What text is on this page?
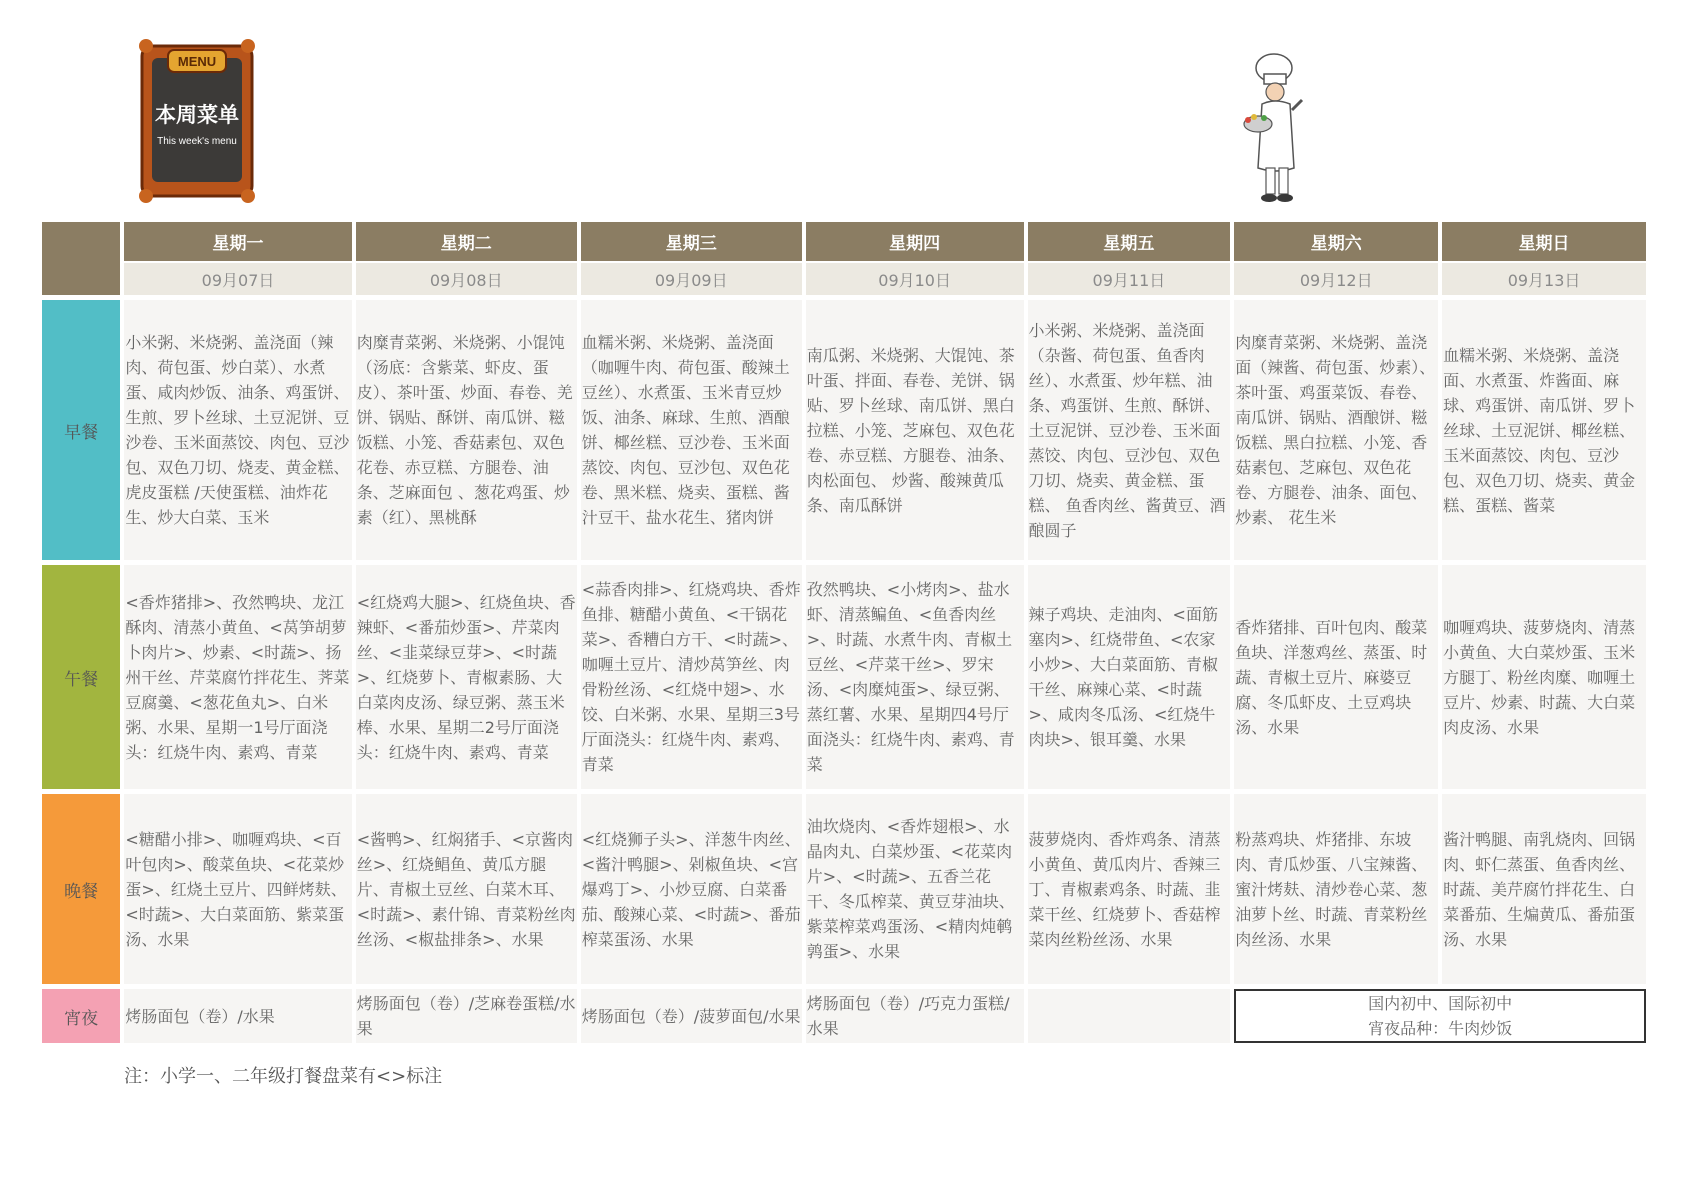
MENU
本周菜单
This week's menu
	星期一	星期二	星期三	星期四	星期五	星期六	星期日
	09月07日	09月08日	09月09日	09月10日	09月11日	09月12日	09月13日

早餐	小米粥、米烧粥、盖浇面（辣肉、荷包蛋、炒白菜）、水煮蛋、咸肉炒饭、油条、鸡蛋饼、生煎、罗卜丝球、土豆泥饼、豆沙卷、玉米面蒸饺、肉包、豆沙包、双色刀切、烧麦、黄金糕、虎皮蛋糕 /天使蛋糕、油炸花生、炒大白菜、玉米	肉糜青菜粥、米烧粥、小馄饨（汤底：含紫菜、虾皮、蛋皮）、茶叶蛋、炒面、春卷、羌 饼、锅贴、酥饼、南瓜饼、糍饭糕、小笼、香菇素包、双色花卷、赤豆糕、方腿卷、油条、芝麻面包 、葱花鸡蛋、炒素（红）、黑桃酥	血糯米粥、米烧粥、盖浇面（咖喱牛肉、荷包蛋、酸辣土豆丝）、水煮蛋、玉米青豆炒饭、油条、麻球、生煎、酒酿饼、椰丝糕、豆沙卷、玉米面蒸饺、肉包、豆沙包、双色花卷、黑米糕、烧卖、蛋糕、酱汁豆干、盐水花生、猪肉饼	南瓜粥、米烧粥、大馄饨、茶叶蛋、拌面、春卷、羌饼、锅贴、罗卜丝球、南瓜饼、黑白拉糕、小笼、芝麻包、双色花卷、赤豆糕、方腿卷、油条、肉松面包、 炒酱、酸辣黄瓜条、南瓜酥饼	小米粥、米烧粥、盖浇面（杂酱、荷包蛋、鱼香肉丝）、水煮蛋、炒年糕、油条、鸡蛋饼、生煎、酥饼、土豆泥饼、豆沙卷、玉米面蒸饺、肉包、豆沙包、双色刀切、烧卖、黄金糕、蛋糕、 鱼香肉丝、酱黄豆、酒酿圆子	肉糜青菜粥、米烧粥、盖浇面（辣酱、荷包蛋、炒素）、茶叶蛋、鸡蛋菜饭、春卷、南瓜饼、锅贴、酒酿饼、糍饭糕、黑白拉糕、小笼、香菇素包、芝麻包、双色花卷、方腿卷、油条、面包、炒素、 花生米	血糯米粥、米烧粥、盖浇面、水煮蛋、炸酱面、麻球、鸡蛋饼、南瓜饼、罗卜丝球、土豆泥饼、椰丝糕、玉米面蒸饺、肉包、豆沙包、双色刀切、烧卖、黄金糕、蛋糕、酱菜

午餐	<香炸猪排>、孜然鸭块、龙江酥肉、清蒸小黄鱼、<莴笋胡萝卜肉片>、炒素、<时蔬>、扬州干丝、芹菜腐竹拌花生、荠菜豆腐羹、<葱花鱼丸>、白米粥、水果、星期一1号厅面浇头：红烧牛肉、素鸡、青菜	<红烧鸡大腿>、红烧鱼块、香辣虾、<番茄炒蛋>、芹菜肉丝、<韭菜绿豆芽>、<时蔬>、红烧萝卜、青椒素肠、大白菜肉皮汤、绿豆粥、蒸玉米棒、水果、星期二2号厅面浇头：红烧牛肉、素鸡、青菜	<蒜香肉排>、红烧鸡块、香炸鱼排、糖醋小黄鱼、<干锅花菜>、香糟白方干、<时蔬>、咖喱土豆片、清炒莴笋丝、肉骨粉丝汤、<红烧中翅>、水饺、白米粥、水果、星期三3号厅面浇头：红烧牛肉、素鸡、青菜	孜然鸭块、<小烤肉>、盐水虾、清蒸鳊鱼、<鱼香肉丝>、时蔬、水煮牛肉、青椒土豆丝、<芹菜干丝>、罗宋汤、<肉糜炖蛋>、绿豆粥、蒸红薯、水果、星期四4号厅面浇头：红烧牛肉、素鸡、青菜	辣子鸡块、走油肉、<面筋塞肉>、红烧带鱼、<农家小炒>、大白菜面筋、青椒干丝、麻辣心菜、<时蔬>、咸肉冬瓜汤、<红烧牛肉块>、银耳羹、水果	香炸猪排、百叶包肉、酸菜鱼块、洋葱鸡丝、蒸蛋、时蔬、青椒土豆片、麻婆豆腐、冬瓜虾皮、土豆鸡块汤、水果	咖喱鸡块、菠萝烧肉、清蒸小黄鱼、大白菜炒蛋、玉米方腿丁、粉丝肉糜、咖喱土豆片、炒素、时蔬、大白菜肉皮汤、水果

晚餐	<糖醋小排>、咖喱鸡块、<百叶包肉>、酸菜鱼块、<花菜炒蛋>、红烧土豆片、四鲜烤麸、<时蔬>、大白菜面筋、紫菜蛋汤、水果	<酱鸭>、红焖猪手、<京酱肉丝>、红烧鲳鱼、黄瓜方腿片、青椒土豆丝、白菜木耳、<时蔬>、素什锦、青菜粉丝肉丝汤、<椒盐排条>、水果	<红烧狮子头>、洋葱牛肉丝、<酱汁鸭腿>、剁椒鱼块、<宫爆鸡丁>、小炒豆腐、白菜番茄、酸辣心菜、<时蔬>、番茄榨菜蛋汤、水果	油坎烧肉、<香炸翅根>、水晶肉丸、白菜炒蛋、<花菜肉片>、<时蔬>、五香兰花干、冬瓜榨菜、黄豆芽油块、紫菜榨菜鸡蛋汤、<精肉炖鹌鹑蛋>、水果	菠萝烧肉、香炸鸡条、清蒸小黄鱼、黄瓜肉片、香辣三丁、青椒素鸡条、时蔬、韭菜干丝、红烧萝卜、香菇榨菜肉丝粉丝汤、水果	粉蒸鸡块、炸猪排、东坡肉、青瓜炒蛋、八宝辣酱、蜜汁烤麸、清炒卷心菜、葱油萝卜丝、时蔬、青菜粉丝肉丝汤、水果	酱汁鸭腿、南乳烧肉、回锅肉、虾仁蒸蛋、鱼香肉丝、时蔬、美芹腐竹拌花生、白菜番茄、生煸黄瓜、番茄蛋汤、水果

宵夜	烤肠面包（卷）/水果	烤肠面包（卷）/芝麻卷蛋糕/水果	烤肠面包（卷）/菠萝面包/水果	烤肠面包（卷）/巧克力蛋糕/水果		国内初中、国际初中
宵夜品种：牛肉炒饭	
注：小学一、二年级打餐盘菜有<>标注
